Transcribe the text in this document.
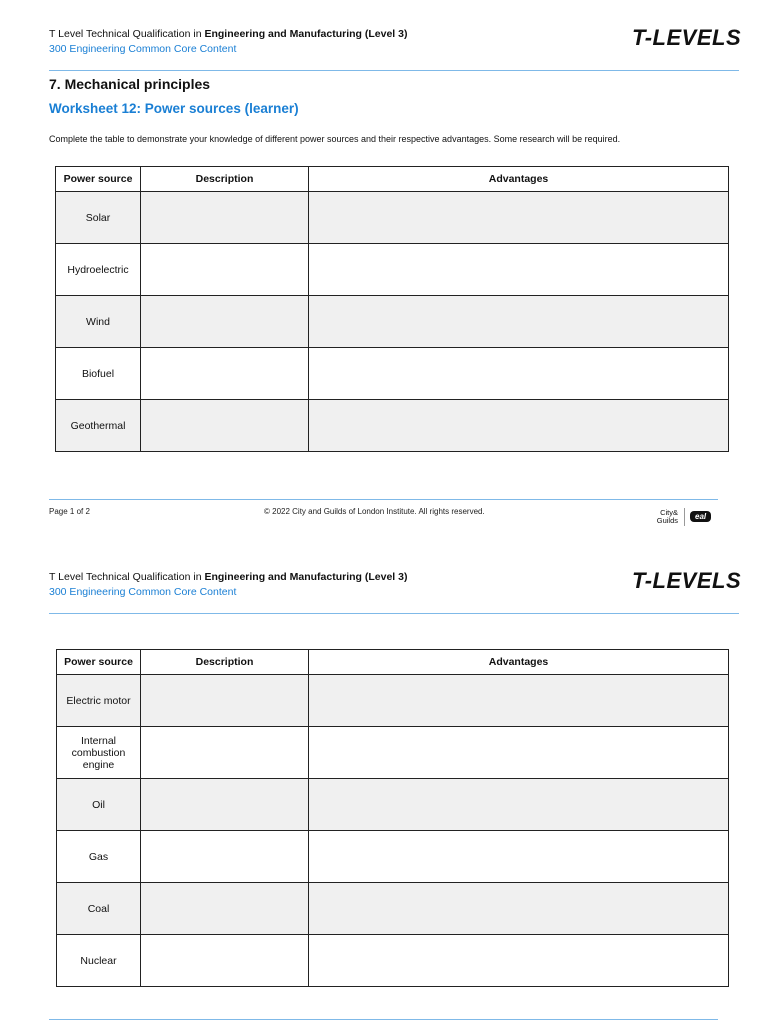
T Level Technical Qualification in Engineering and Manufacturing (Level 3)
300 Engineering Common Core Content	T-LEVELS
7. Mechanical principles
Worksheet 12: Power sources (learner)
Complete the table to demonstrate your knowledge of different power sources and their respective advantages. Some research will be required.
Power source	Description	Advantages
Solar		
Hydroelectric		
Wind		
Biofuel		
Geothermal		
Page 1 of 2	© 2022 City and Guilds of London Institute. All rights reserved.	City&
Guilds	eal
T Level Technical Qualification in Engineering and Manufacturing (Level 3)
300 Engineering Common Core Content	T-LEVELS
Power source	Description	Advantages
Electric motor		
Internal combustion engine		
Oil		
Gas		
Coal		
Nuclear		
